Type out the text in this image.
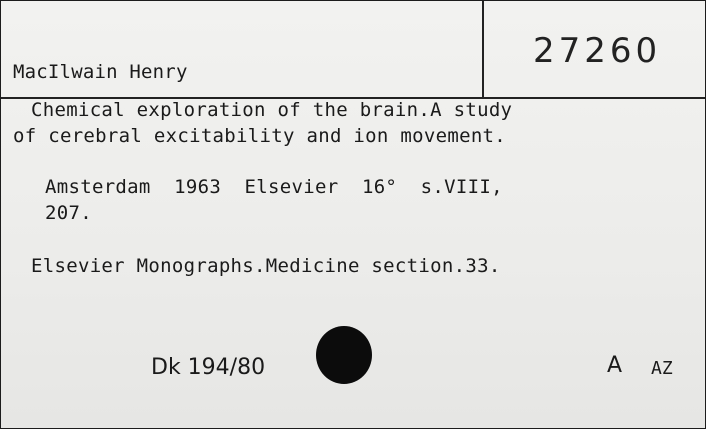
MacIlwain Henry
27260
Chemical exploration of the brain.A study
of cerebral excitability and ion movement.
Amsterdam  1963  Elsevier  16°  s.VIII,
207.
Elsevier Monographs.Medicine section.33.
Dk 194/80	A AZ
